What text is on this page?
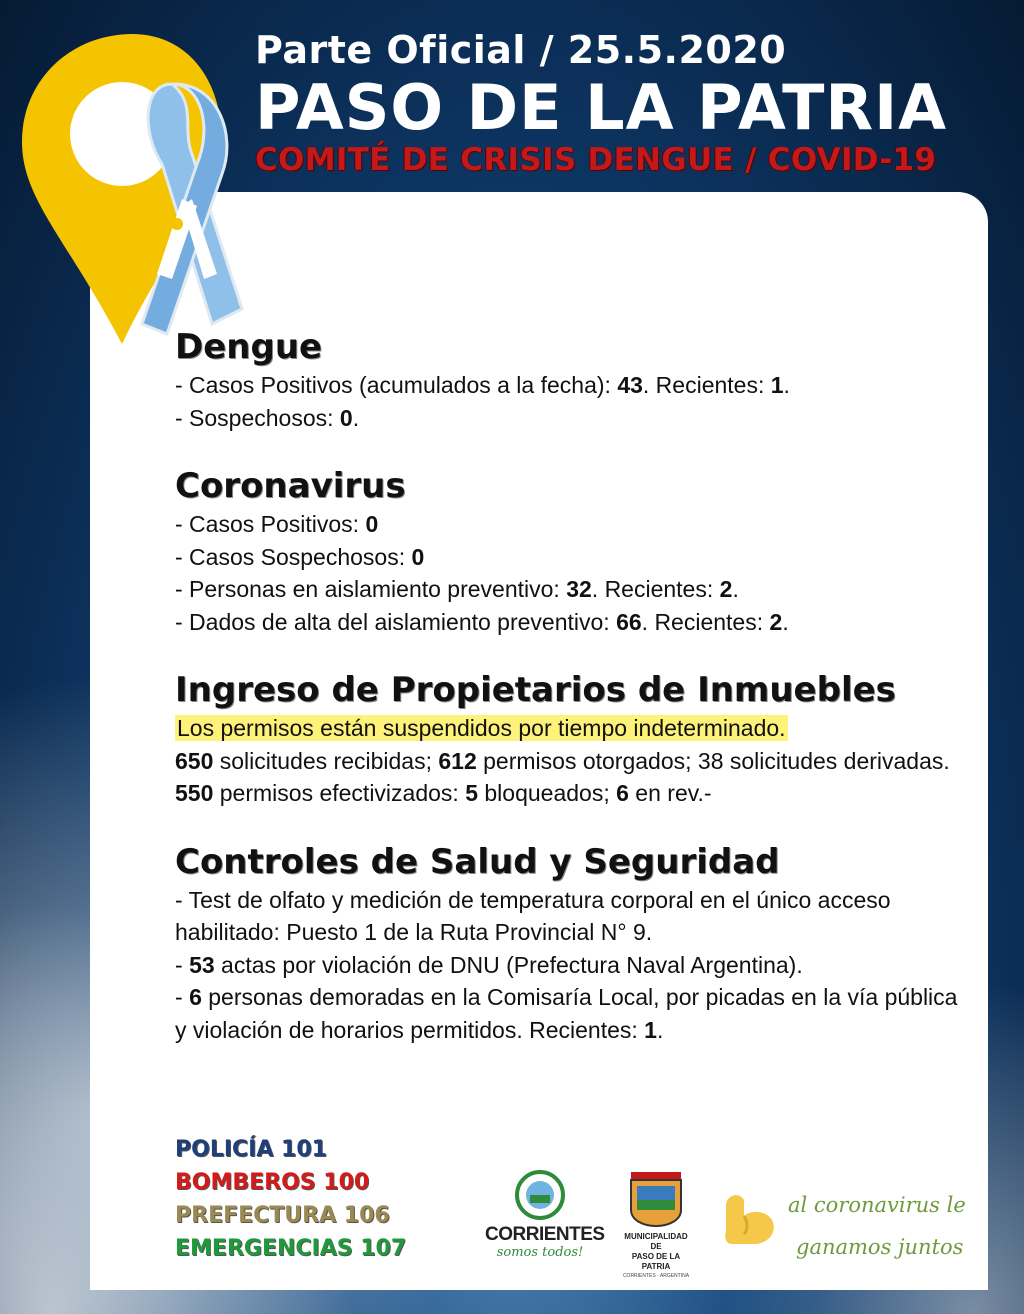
Parte Oficial / 25.5.2020
PASO DE LA PATRIA
COMITÉ DE CRISIS DENGUE / COVID-19
Dengue
- Casos Positivos (acumulados a la fecha): 43. Recientes: 1.
- Sospechosos: 0.
Coronavirus
- Casos Positivos: 0
- Casos Sospechosos: 0
- Personas en aislamiento preventivo: 32. Recientes: 2.
- Dados de alta del aislamiento preventivo: 66. Recientes: 2.
Ingreso de Propietarios de Inmuebles
Los permisos están suspendidos por tiempo indeterminado.
650 solicitudes recibidas; 612 permisos otorgados; 38 solicitudes derivadas. 550 permisos efectivizados: 5 bloqueados; 6 en rev.-
Controles de Salud y Seguridad
- Test de olfato y medición de temperatura corporal en el único acceso habilitado: Puesto 1 de la Ruta Provincial N° 9.
- 53 actas por violación de DNU (Prefectura Naval Argentina).
- 6 personas demoradas en la Comisaría Local, por picadas en la vía pública y violación de horarios permitidos. Recientes: 1.
POLICÍA 101
BOMBEROS 100
PREFECTURA 106
EMERGENCIAS 107
CORRIENTES
somos todos!
MUNICIPALIDAD DE
PASO DE LA PATRIA
CORRIENTES - ARGENTINA
al coronavirus le
ganamos juntos
